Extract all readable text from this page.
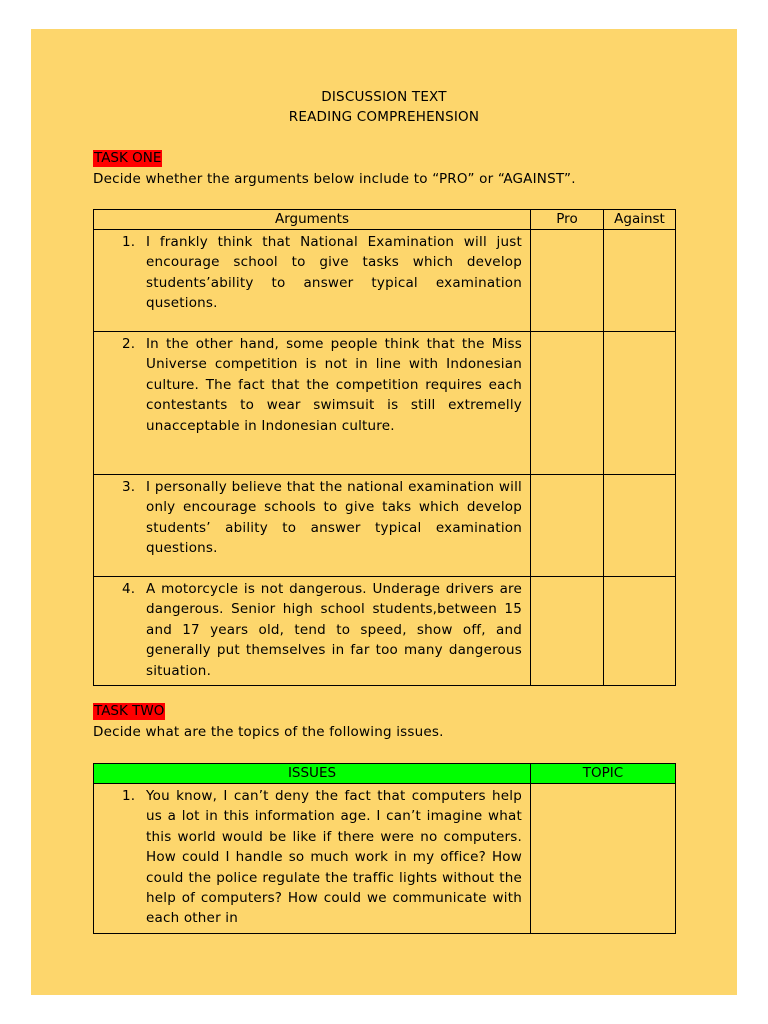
DISCUSSION TEXT
READING COMPREHENSION
TASK ONE
Decide whether the arguments below include to “PRO” or “AGAINST”.
Arguments	Pro	Against

1. I frankly think that National Examination will just encourage school to give tasks which develop students’ability to answer typical examination qusetions.		

2. In the other hand, some people think that the Miss Universe competition is not in line with Indonesian culture. The fact that the competition requires each contestants to wear swimsuit is still extremelly unacceptable in Indonesian culture.		

3. I personally believe that the national examination will only encourage schools to give taks which develop students’ ability to answer typical examination questions.		

4. A motorcycle is not dangerous. Underage drivers are dangerous. Senior high school students,between 15 and 17 years old, tend to speed, show off, and generally put themselves in far too many dangerous situation.		

TASK TWO
Decide what are the topics of the following issues.
ISSUES	TOPIC

1. You know, I can’t deny the fact that computers help us a lot in this information age. I can’t imagine what this world would be like if there were no computers. How could I handle so much work in my office? How could the police regulate the traffic lights without the help of computers? How could we communicate with each other in	
